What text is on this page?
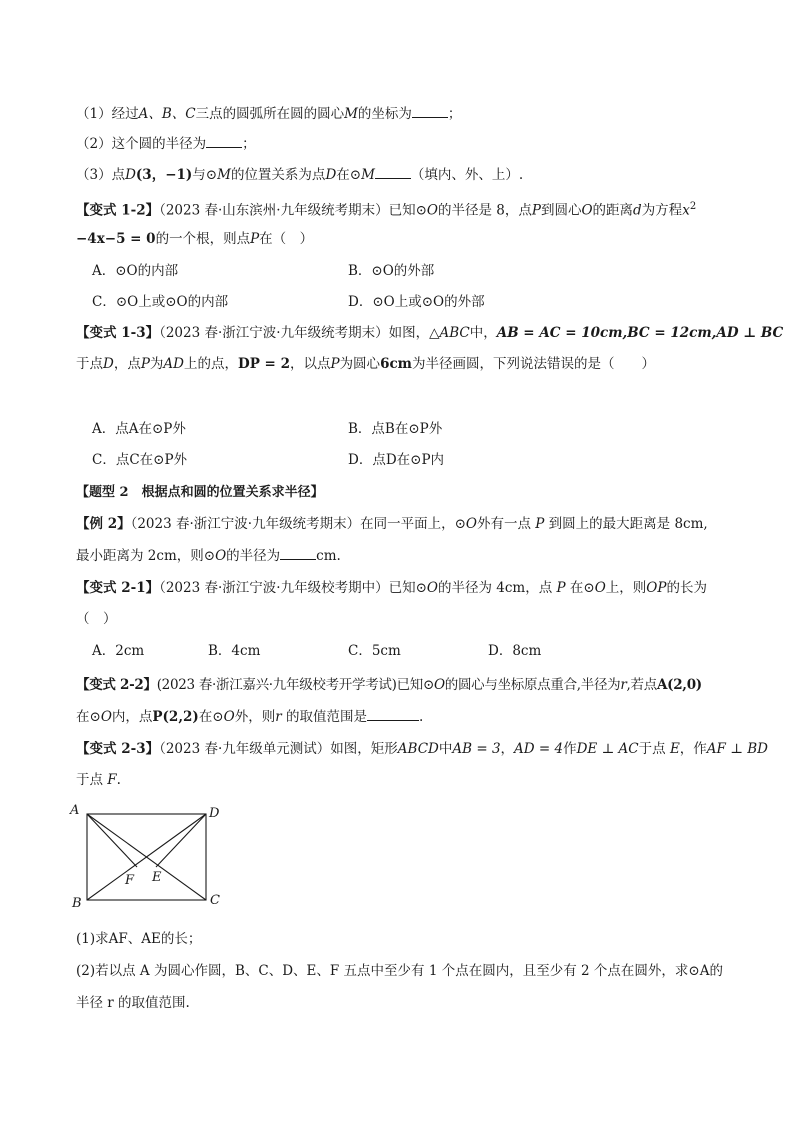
（1）经过A、B、C三点的圆弧所在圆的圆心M的坐标为	；
（2）这个圆的半径为	；
（3）点D(3，−1)与⊙M的位置关系为点D在⊙M	（填内、外、上）.
【变式 1-2】（2023 春·山东滨州·九年级统考期末）已知⊙O的半径是 8，点P到圆心O的距离d为方程$x^2$
−4x−5 = 0的一个根，则点P在（　）
A．⊙O的内部	B．⊙O的外部
C．⊙O上或⊙O的内部	D．⊙O上或⊙O的外部
【变式 1-3】（2023 春·浙江宁波·九年级统考期末）如图，△ABC中，AB = AC = 10cm,BC = 12cm,AD ⊥ BC
于点D，点P为AD上的点，DP = 2，以点P为圆心6cm为半径画圆，下列说法错误的是（　　）
A．点A在⊙P外	B．点B在⊙P外
C．点C在⊙P外	D．点D在⊙P内
【题型 2　根据点和圆的位置关系求半径】
【例 2】（2023 春·浙江宁波·九年级统考期末）在同一平面上，⊙O外有一点 P 到圆上的最大距离是 8cm,
最小距离为 2cm，则⊙O的半径为	cm.
【变式 2-1】（2023 春·浙江宁波·九年级校考期中）已知⊙O的半径为 4cm，点 P 在⊙O上，则OP的长为
（　）
A．2cm	B．4cm	C．5cm	D．8cm
【变式 2-2】(2023 春·浙江嘉兴·九年级校考开学考试)已知⊙O的圆心与坐标原点重合,半径为r,若点A(2,0)
在⊙O内，点P(2,2)在⊙O外，则r 的取值范围是	.
【变式 2-3】（2023 春·九年级单元测试）如图，矩形ABCD中AB = 3，AD = 4作DE ⊥ AC于点 E，作AF ⊥ BD
于点 F.
A	D
B	C
F E
(1)求AF、AE的长；
(2)若以点 A 为圆心作圆，B、C、D、E、F 五点中至少有 1 个点在圆内，且至少有 2 个点在圆外，求⊙A的
半径 r 的取值范围.
